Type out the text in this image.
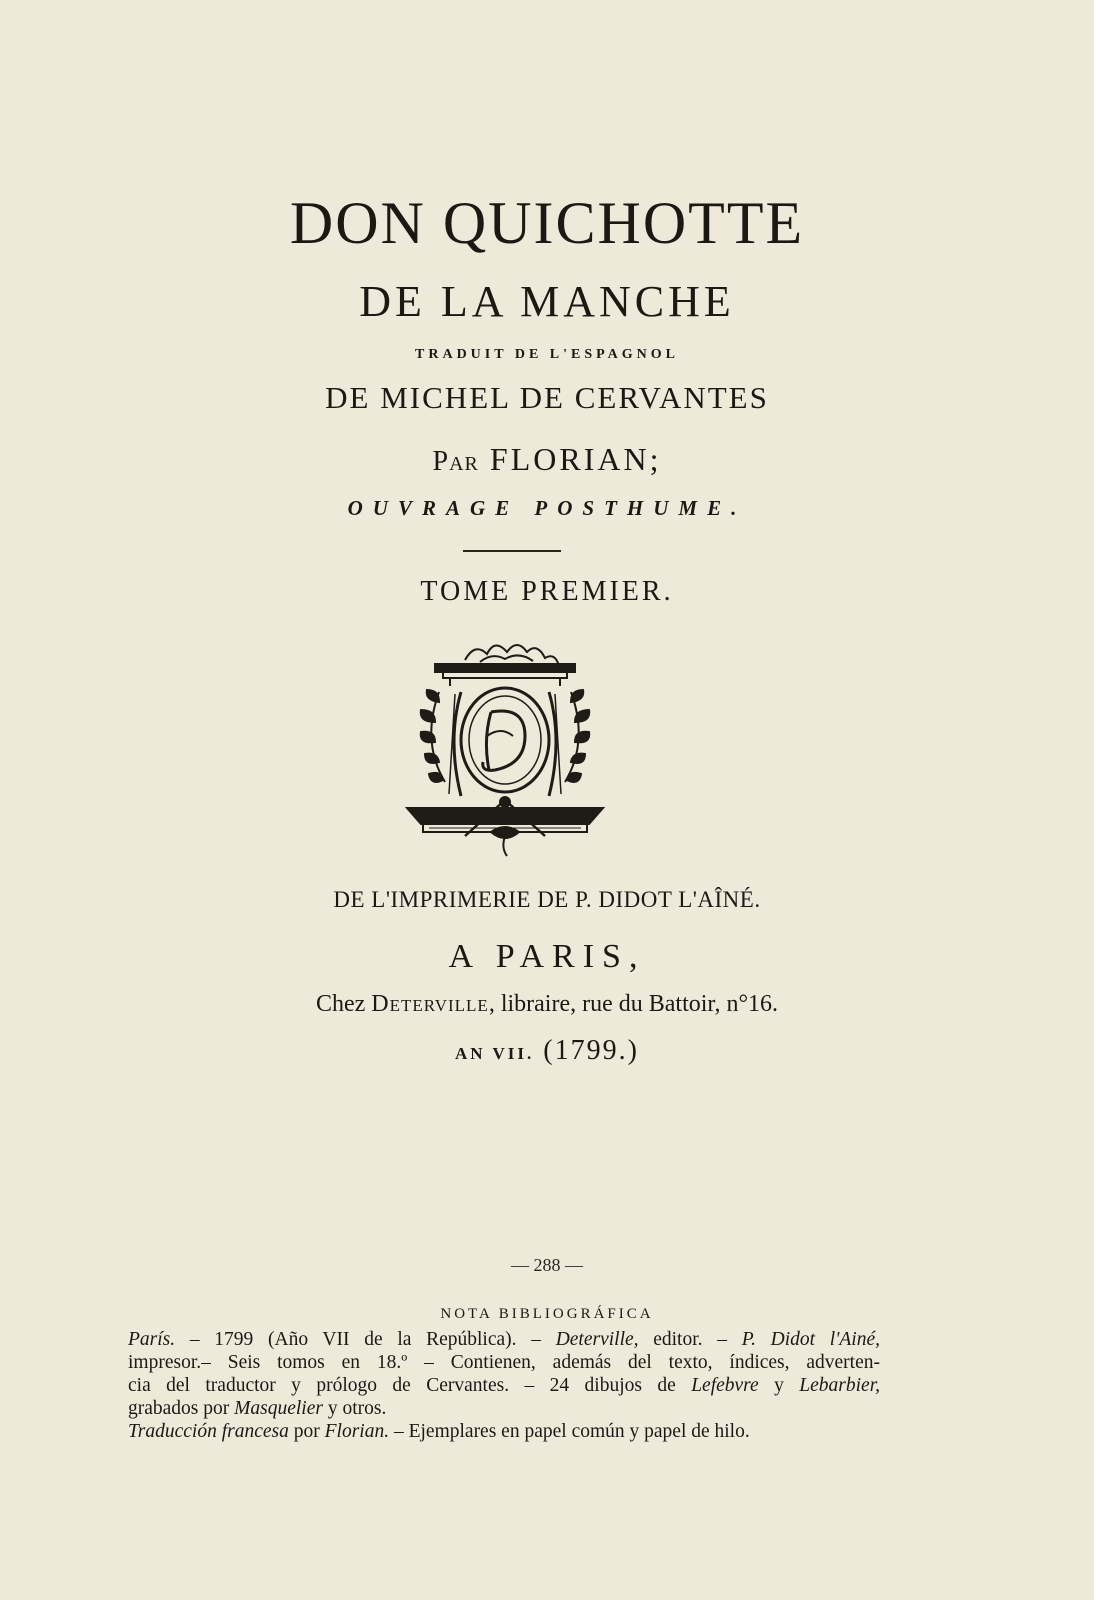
DON QUICHOTTE
DE LA MANCHE
TRADUIT DE L'ESPAGNOL
DE MICHEL DE CERVANTES
Par FLORIAN;
OUVRAGE POSTHUME.
TOME PREMIER.
DE L'IMPRIMERIE DE P. DIDOT L'AÎNÉ.
A PARIS,
Chez Deterville, libraire, rue du Battoir, n°16.
AN VII. (1799.)
— 288 —
NOTA BIBLIOGRÁFICA

París. – 1799 (Año VII de la República). – Deterville, editor. – P. Didot l'Ainé,

impresor.– Seis tomos en 18.º – Contienen, además del texto, índices, adverten-

cia del traductor y prólogo de Cervantes. – 24 dibujos de Lefebvre y Lebarbier,

grabados por Masquelier y otros.

Traducción francesa por Florian. – Ejemplares en papel común y papel de hilo.
